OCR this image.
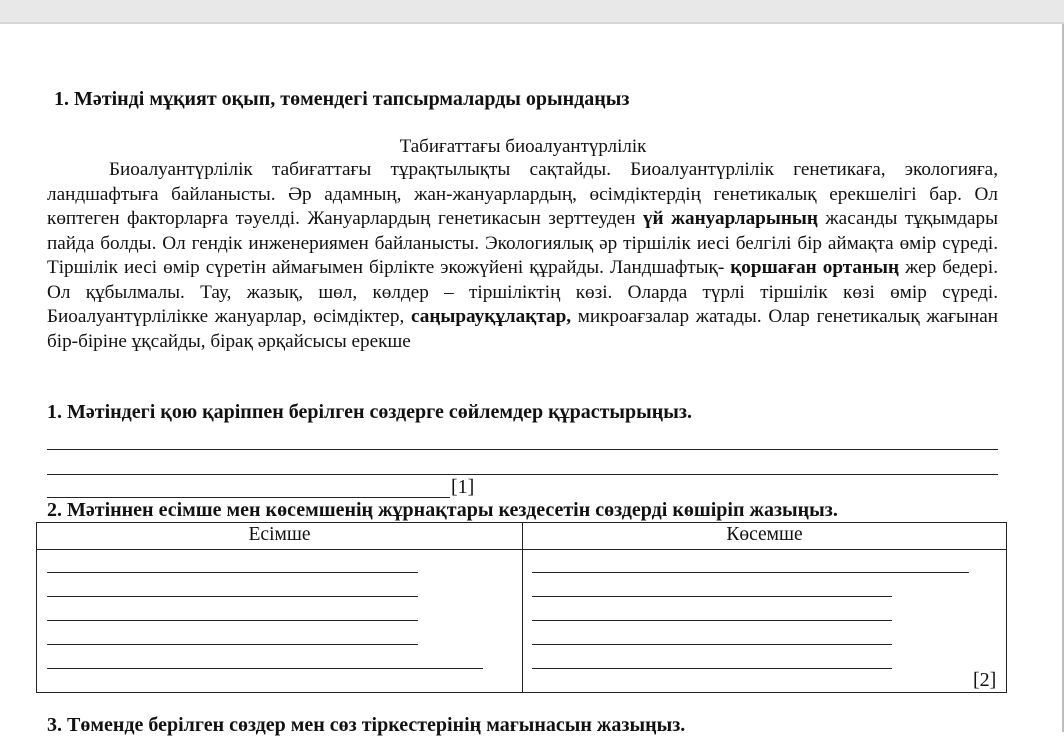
1. Мәтінді мұқият оқып, төмендегі тапсырмаларды орындаңыз
Табиғаттағы биоалуантүрлілік
Биоалуантүрлілік табиғаттағы тұрақтылықты сақтайды. Биоалуантүрлілік генетикаға, экологияға, ландшафтыға байланысты. Әр адамның, жан-жануарлардың, өсімдіктердің генетикалық ерекшелігі бар. Ол көптеген факторларға тәуелді. Жануарлардың генетикасын зерттеуден үй жануарларының жасанды тұқымдары пайда болды. Ол гендік инженериямен байланысты. Экологиялық әр тіршілік иесі белгілі бір аймақта өмір сүреді. Тіршілік иесі өмір сүретін аймағымен бірлікте экожүйені құрайды. Ландшафтық- қоршаған ортаның жер бедері. Ол құбылмалы. Тау, жазық, шөл, көлдер – тіршіліктің көзі. Оларда түрлі тіршілік көзі өмір сүреді. Биоалуантүрлілікке жануарлар, өсімдіктер, саңырауқұлақтар, микроағзалар жатады. Олар генетикалық жағынан бір-біріне ұқсайды, бірақ әрқайсысы ерекше
1. Мәтіндегі қою қаріппен берілген сөздерге сөйлемдер құрастырыңыз.
[1]
2. Мәтіннен есімше мен көсемшенің жұрнақтары кездесетін сөздерді көшіріп жазыңыз.
Есімше	Көсемше
[2]
3. Төменде берілген сөздер мен сөз тіркестерінің мағынасын жазыңыз.
